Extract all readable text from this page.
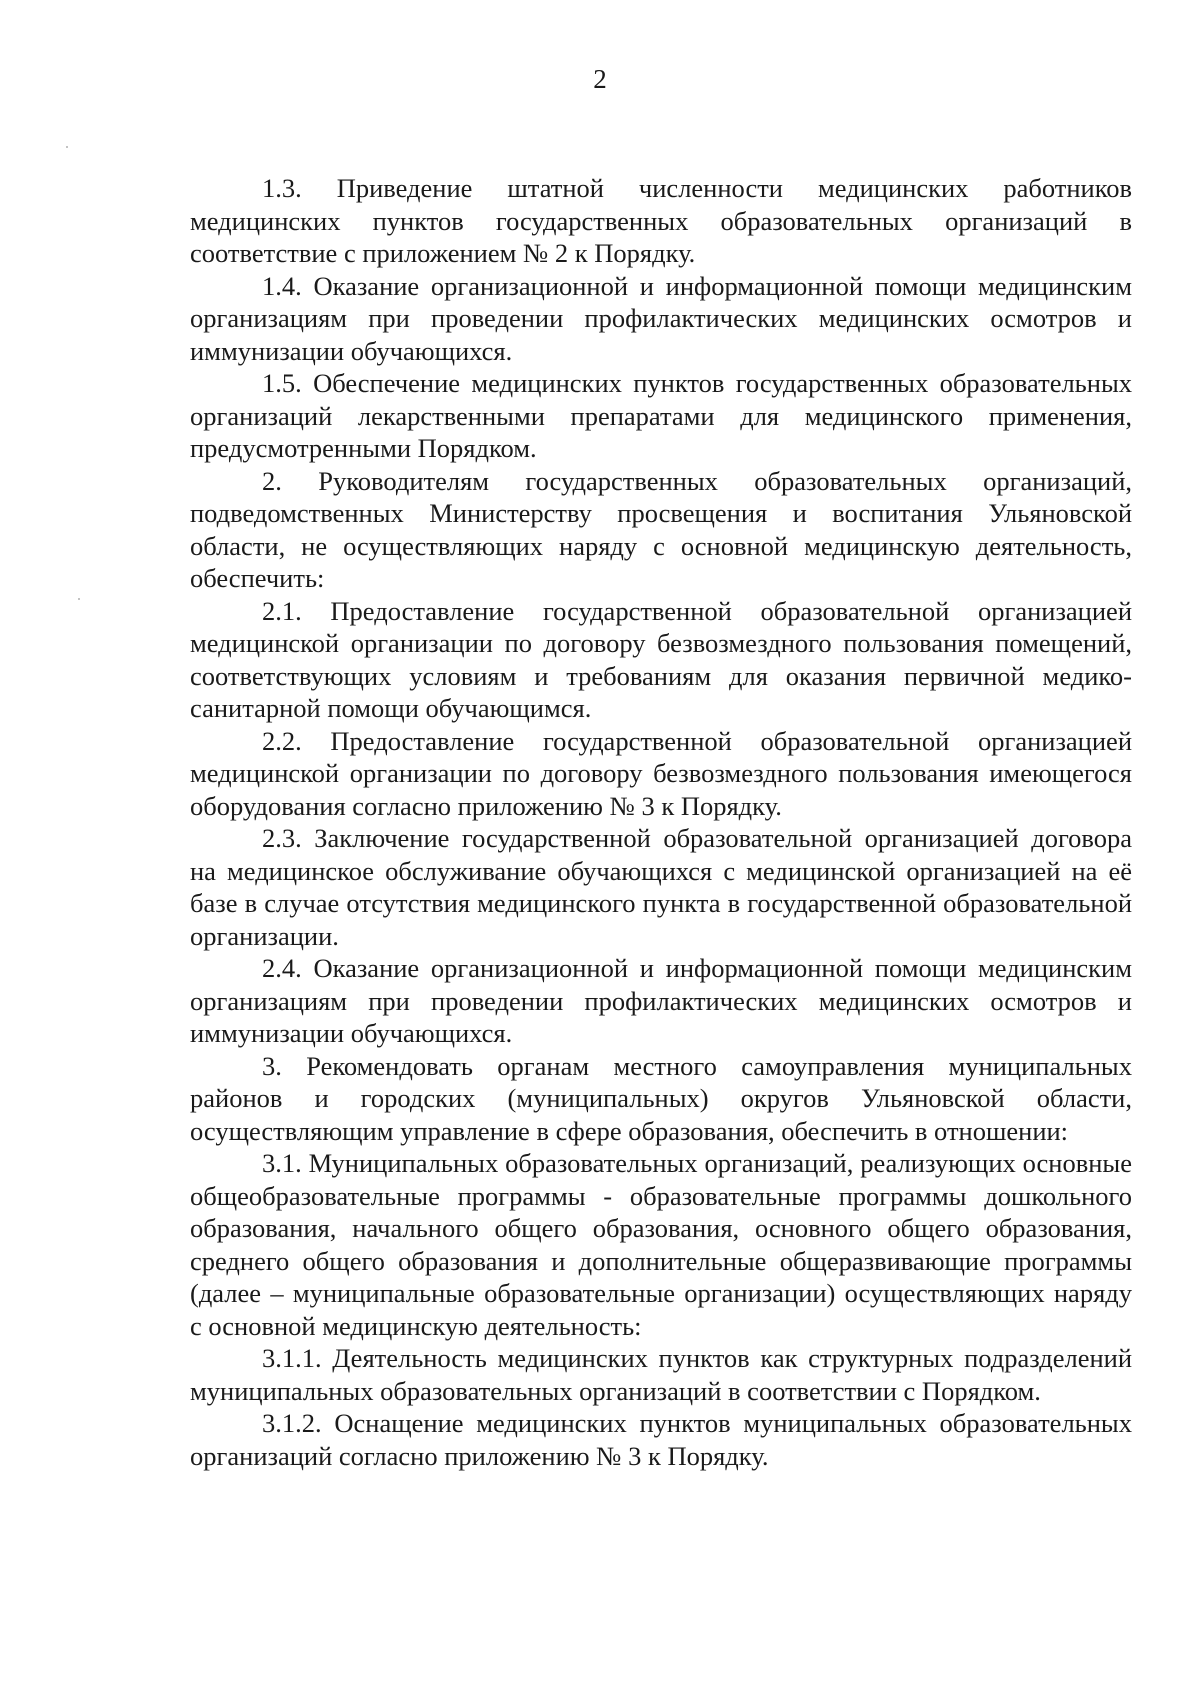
2

1.3. Приведение штатной численности медицинских работников медицинских пунктов государственных образовательных организаций в соответствие с приложением № 2 к Порядку.

1.4. Оказание организационной и информационной помощи медицинским организациям при проведении профилактических медицинских осмотров и иммунизации обучающихся.

1.5. Обеспечение медицинских пунктов государственных образовательных организаций лекарственными препаратами для медицинского применения, предусмотренными Порядком.

2. Руководителям государственных образовательных организаций, подведомственных Министерству просвещения и воспитания Ульяновской области, не осуществляющих наряду с основной медицинскую деятельность, обеспечить:

2.1. Предоставление государственной образовательной организацией медицинской организации по договору безвозмездного пользования помещений, соответствующих условиям и требованиям для оказания первичной медико-санитарной помощи обучающимся.

2.2. Предоставление государственной образовательной организацией медицинской организации по договору безвозмездного пользования имеющегося оборудования согласно приложению № 3 к Порядку.

2.3. Заключение государственной образовательной организацией договора на медицинское обслуживание обучающихся с медицинской организацией на её базе в случае отсутствия медицинского пункта в государственной образовательной организации.

2.4. Оказание организационной и информационной помощи медицинским организациям при проведении профилактических медицинских осмотров и иммунизации обучающихся.

3. Рекомендовать органам местного самоуправления муниципальных районов и городских (муниципальных) округов Ульяновской области, осуществляющим управление в сфере образования, обеспечить в отношении:

3.1. Муниципальных образовательных организаций, реализующих основные общеобразовательные программы - образовательные программы дошкольного образования, начального общего образования, основного общего образования, среднего общего образования и дополнительные общеразвивающие программы (далее – муниципальные образовательные организации) осуществляющих наряду с основной медицинскую деятельность:

3.1.1. Деятельность медицинских пунктов как структурных подразделений муниципальных образовательных организаций в соответствии с Порядком.

3.1.2. Оснащение медицинских пунктов муниципальных образовательных организаций согласно приложению № 3 к Порядку.
